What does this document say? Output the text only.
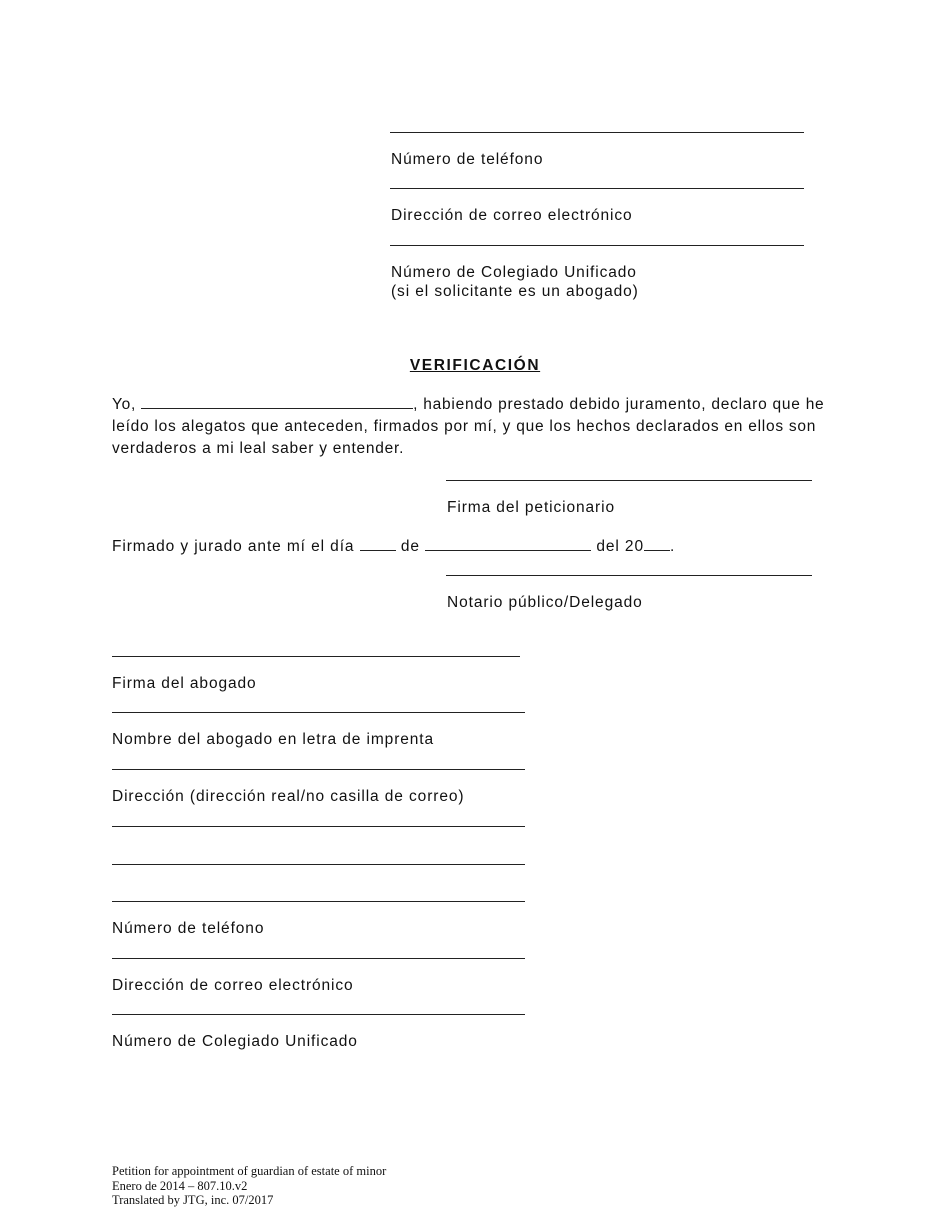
Número de teléfono
Dirección de correo electrónico
Número de Colegiado Unificado
(si el solicitante es un abogado)
VERIFICACIÓN
Yo,	, habiendo prestado debido juramento, declaro que he leído los alegatos que anteceden, firmados por mí, y que los hechos declarados en ellos son verdaderos a mi leal saber y entender.
Firma del peticionario
Firmado y jurado ante mí el día	de	del 20 .
Notario público/Delegado
Firma del abogado
Nombre del abogado en letra de imprenta
Dirección (dirección real/no casilla de correo)
Número de teléfono
Dirección de correo electrónico
Número de Colegiado Unificado
Petition for appointment of guardian of estate of minor
Enero de 2014 – 807.10.v2
Translated by JTG, inc. 07/2017
